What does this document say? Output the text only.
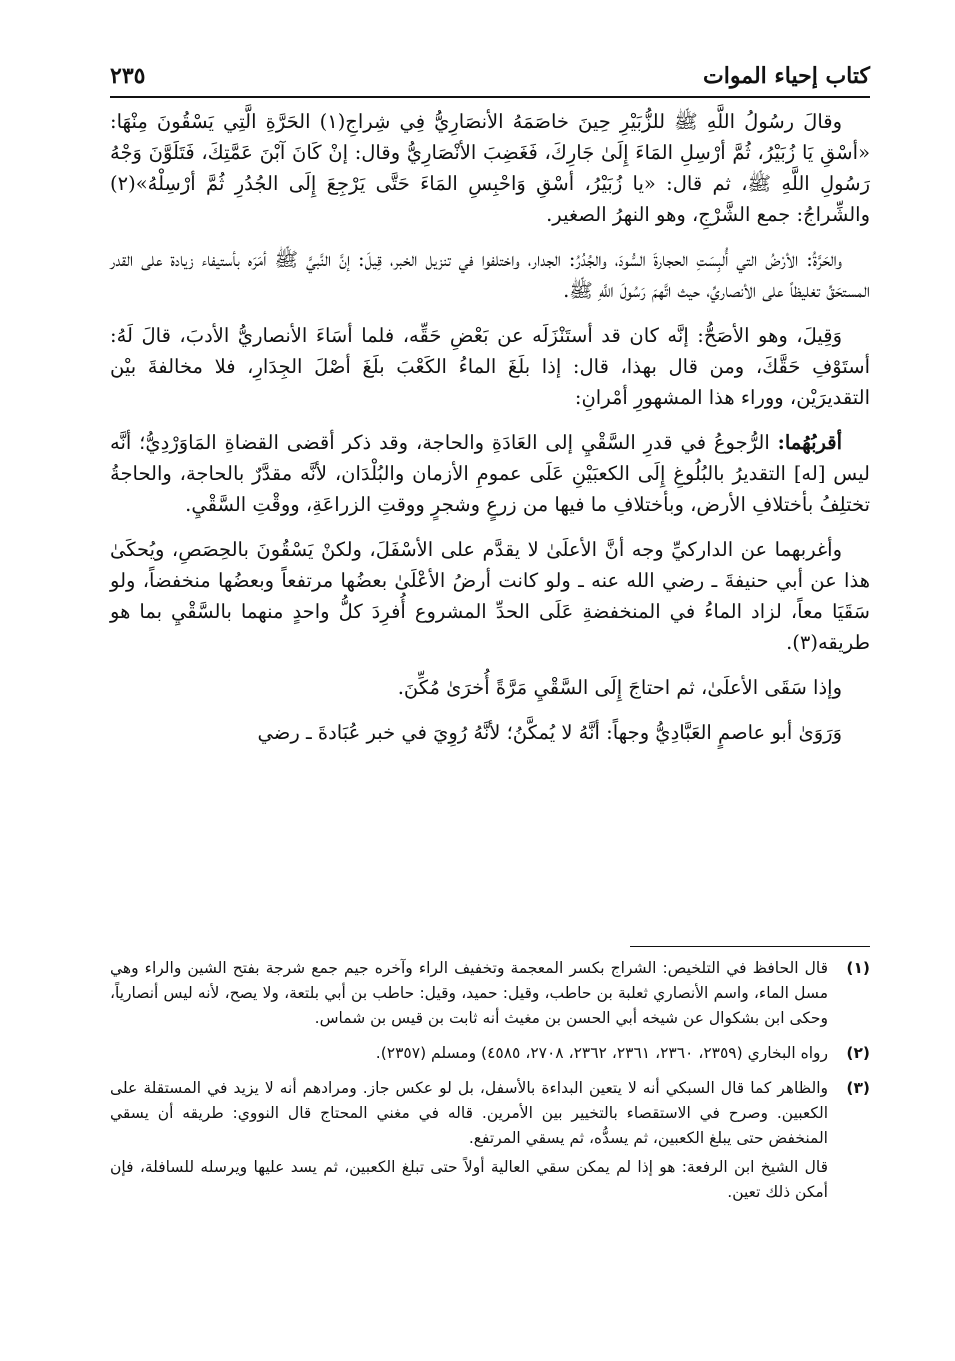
كتاب إحياء الموات
٢٣٥

وقالَ رسُولُ اللَّهِ ﷺ للزُّبَيْرِ حِينَ خاصَمَهُ الأنصَارِيُّ فِي شِراجِ(١) الحَرَّةِ الَّتِي يَسْقُونَ مِنْهَا: «أسْقِ يَا زُبَيْرُ، ثُمَّ أرْسِلِ المَاءَ إِلَىٰ جَارِكَ، فَغَضِبَ الأنْصَارِيُّ وقال: إنْ كَانَ آبْنَ عَمَّتِكَ، فَتَلَوَّنَ وَجْهُ رَسُولِ اللَّهِ ﷺ، ثم قال: «يا زُبَيْرُ، أسْقِ وَاحْبِسِ المَاءَ حَتَّى يَرْجِعَ إِلَى الجُدُرِ ثُمَّ أرْسِلْهُ»(٢) والشِّراجُ: جمع الشَّرْجِ، وهو النهرُ الصغير.

والحَرَّةُ: الأرْضُ التي أُلبِسَتِ الحجارةَ السُّودَ، والجُدُرُ: الجدار، واختلفوا في تنزيل الخبر، قِيلَ: إنَّ النَّبيَّ ﷺ أمَرَه بأستيفاء زيادة على القدر المستحَقِّ تغليظاً على الأنصاريِّ، حيث اتَّهمَ رَسُولَ اللَّهِ ﷺ.

وَقِيلَ، وهو الأصَحُّ: إنَّه كان قد أستَنْزَلَه عن بَعْضِ حَقِّه، فلما أسَاءَ الأنصاريُّ الأدبَ، قالَ لَهُ: أستَوْفِ حَقَّكَ، ومن قال بهذا، قال: إذا بلَغَ الماءُ الكَعْبَ بلَغَ أصْلَ الجِدَارِ، فلا مخالفةَ بيْن التقديرَيْن، ووراء هذا المشهورِ أمْرانِ:

أقربُهُما: الرُّجوعُ في قدرِ السَّقْيِ إلى العَادَةِ والحاجة، وقد ذكر أقضى القضاةِ المَاوَرْدِيُّ؛ أنَّه ليس [له] التقديرُ بالبُلُوغِ إِلَى الكعبَيْنِ عَلَى عمومِ الأزمان والبُلْدَان، لأنَّه مقدَّرٌ بالحاجة، والحاجةُ تختلِفُ بأختلافِ الأرض، وبأختلافِ ما فيها من زرعٍ وشجرٍ ووقتِ الزراعَةِ، ووقْتِ السَّقْيِ.

وأغربهما عن الداركيِّ وجه أنَّ الأعلَىٰ لا يقدَّم على الأسْفَلَ، ولكنْ يَسْقُونَ بالحِصَصِ، ويُحكَىٰ هذا عن أبي حنيفةَ ـ رضي الله عنه ـ ولو كانت أرضُ الأعْلَىٰ بعضُها مرتفعاً وبعضُها منخفضاً، ولو سَقَيَا معاً، لزاد الماءُ في المنخفضةِ عَلَى الحدِّ المشروع أُفرِدَ كلُّ واحدٍ منهما بالسَّقْيِ بما هو طريقه(٣).

وإذا سَقَى الأعلَىٰ، ثم احتاجَ إِلَى السَّقْيِ مَرَّةً أُخرَىٰ مُكِّنَ.

وَرَوَىٰ أبو عاصمٍ العَبَّادِيُّ وجهاً: أنَّهُ لا يُمكَّنُ؛ لأنَّهُ رُوِيَ في خبر عُبَادةَ ـ رضي

(١)

قال الحافظ في التلخيص: الشراج بكسر المعجمة وتخفيف الراء وآخره جيم جمع شرجة بفتح الشين والراء وهي مسل الماء، واسم الأنصاري ثعلبة بن حاطب، وقيل: حميد، وقيل: حاطب بن أبي بلتعة، ولا يصح، لأنه ليس أنصارياً، وحكى ابن بشكوال عن شيخه أبي الحسن بن مغيث أنه ثابت بن قيس بن شماس.

(٢)

رواه البخاري (٢٣٥٩، ٢٣٦٠، ٢٣٦١، ٢٣٦٢، ٢٧٠٨، ٤٥٨٥) ومسلم (٢٣٥٧).

(٣)

والظاهر كما قال السبكي أنه لا يتعين البداءة بالأسفل، بل لو عكس جاز. ومرادهم أنه لا يزيد في المستقلة على الكعبين. وصرح في الاستقصاء بالتخيير بين الأمرين. قاله في مغني المحتاج قال النووي: طريقه أن يسقي المنخفض حتى يبلغ الكعبين، ثم يسدُّه، ثم يسقي المرتفع.

قال الشيخ ابن الرفعة: هو إذا لم يمكن سقي العالية أولاً حتى تبلغ الكعبين، ثم يسد عليها ويرسله للسافلة، فإن أمكن ذلك تعين.
